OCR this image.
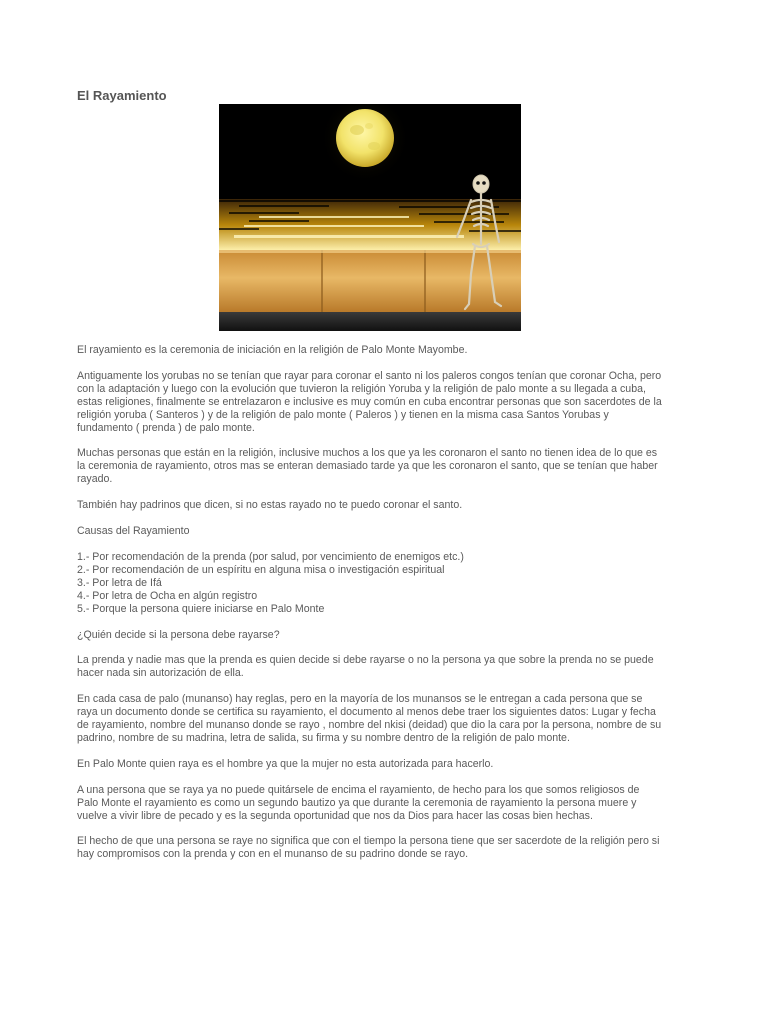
El Rayamiento

El rayamiento es la ceremonia de iniciación en la religión de Palo Monte Mayombe.

Antiguamente los yorubas no se tenían que rayar para coronar el santo ni los paleros congos tenían que coronar Ocha, pero con la adaptación y luego con la evolución que tuvieron la religión Yoruba y la religión de palo monte a su llegada a cuba, estas religiones, finalmente se entrelazaron e inclusive es muy común en cuba encontrar personas que son sacerdotes de la religión yoruba ( Santeros ) y de la religión de palo monte ( Paleros ) y tienen en la misma casa Santos Yorubas y fundamento ( prenda ) de palo monte.

Muchas personas que están en la religión, inclusive muchos a los que ya les coronaron el santo no tienen idea de lo que es la ceremonia de rayamiento, otros mas se enteran demasiado tarde ya que les coronaron el santo, que se tenían que haber rayado.

También hay padrinos que dicen, si no estas rayado no te puedo coronar el santo.

Causas del Rayamiento

1.- Por recomendación de la prenda (por salud, por vencimiento de enemigos etc.)
2.- Por recomendación de un espíritu en alguna misa o investigación espiritual
3.- Por letra de Ifá
4.- Por letra de Ocha en algún registro
5.- Porque la persona quiere iniciarse en Palo Monte

¿Quién decide si la persona debe rayarse?

La prenda y nadie mas que la prenda es quien decide si debe rayarse o no la persona ya que sobre la prenda no se puede hacer nada sin autorización de ella.

En cada casa de palo (munanso) hay reglas, pero en la mayoría de los munansos se le entregan a cada persona que se raya un documento donde se certifica su rayamiento, el documento al menos debe traer los siguientes datos: Lugar y fecha de rayamiento, nombre del munanso donde se rayo , nombre del nkisi (deidad) que dio la cara por la persona, nombre de su padrino, nombre de su madrina, letra de salida, su firma y su nombre dentro de la religión de palo monte.

En Palo Monte quien raya es el hombre ya que la mujer no esta autorizada para hacerlo.

A una persona que se raya ya no puede quitársele de encima el rayamiento, de hecho para los que somos religiosos de Palo Monte el rayamiento es como un segundo bautizo ya que durante la ceremonia de rayamiento la persona muere y vuelve a vivir libre de pecado y es la segunda oportunidad que nos da Dios para hacer las cosas bien hechas.

El hecho de que una persona se raye no significa que con el tiempo la persona tiene que ser sacerdote de la religión pero si hay compromisos con la prenda y con en el munanso de su padrino donde se rayo.
